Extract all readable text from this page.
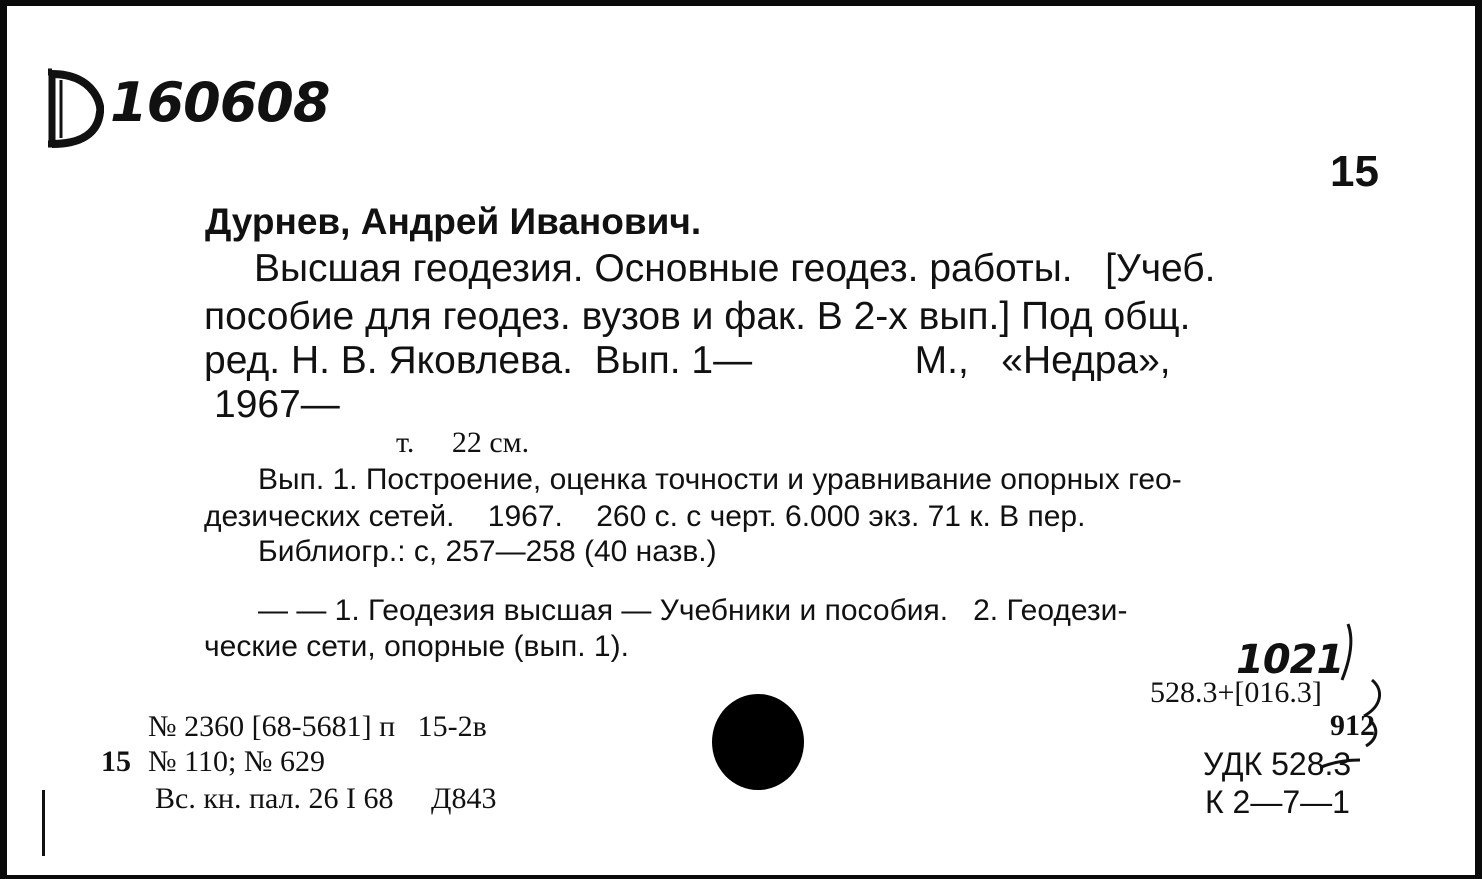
160608
15
Дурнев, Андрей Иванович.
Высшая геодезия. Основные геодез. работы.   [Учеб.
пособие для геодез. вузов и фак. В 2-х вып.] Под общ.
ред. Н. В. Яковлева.  Вып. 1—               М.,   «Недра»,
1967—
т.     22 см.
Вып. 1. Построение, оценка точности и уравнивание опорных гео-
дезических сетей.    1967.    260 с. с черт. 6.000 экз. 71 к. В пер.
Библиогр.: с, 257—258 (40 назв.)
— — 1. Геодезия высшая — Учебники и пособия.   2. Геодези-
ческие сети, опорные (вып. 1).	1021
528.3+[016.3]
912
УДК 528.3
К 2—7—1
№ 2360 [68-5681] п   15-2в
15 № 110; № 629
Вс. кн. пал. 26 I 68     Д843
